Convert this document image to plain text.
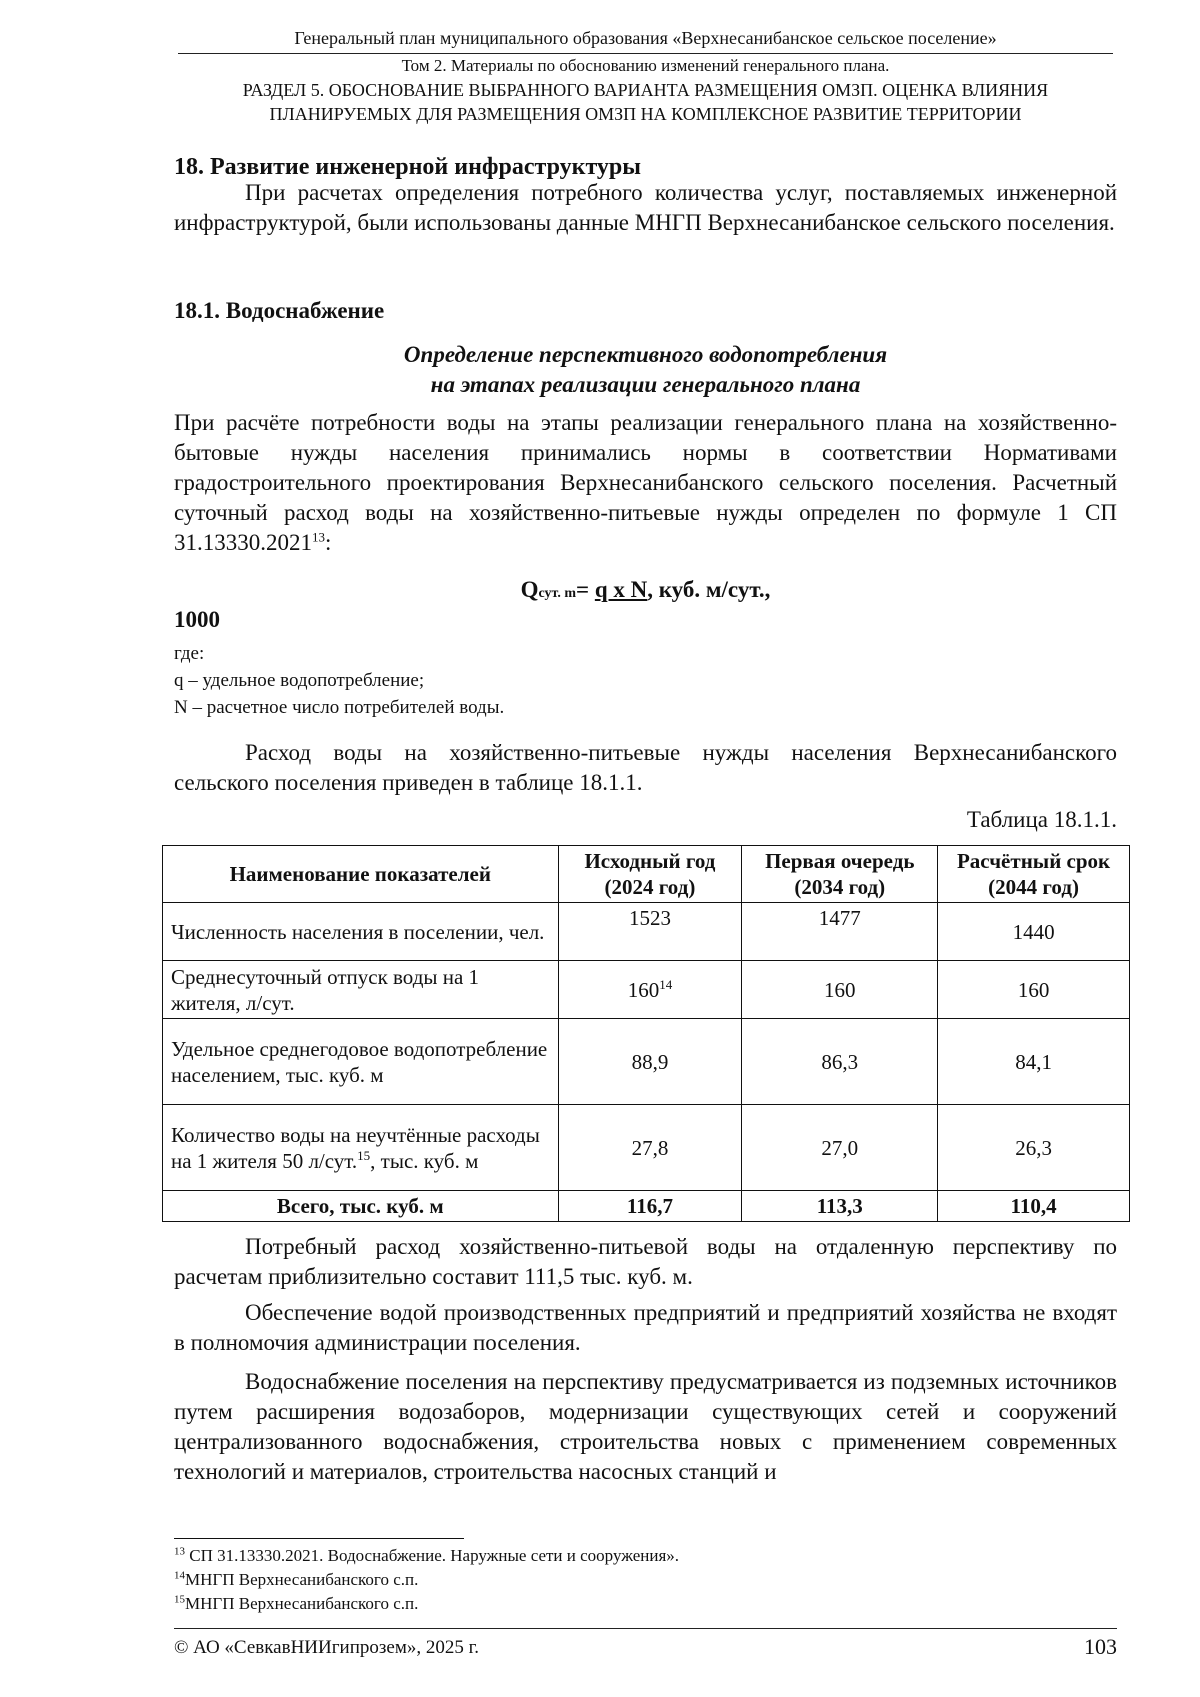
Генеральный план муниципального образования «Верхнесанибанское сельское поселение»
Том 2. Материалы по обоснованию изменений генерального плана.
РАЗДЕЛ 5. ОБОСНОВАНИЕ ВЫБРАННОГО ВАРИАНТА РАЗМЕЩЕНИЯ ОМЗП. ОЦЕНКА ВЛИЯНИЯ ПЛАНИРУЕМЫХ ДЛЯ РАЗМЕЩЕНИЯ ОМЗП НА КОМПЛЕКСНОЕ РАЗВИТИЕ ТЕРРИТОРИИ
18. Развитие инженерной инфраструктуры
При расчетах определения потребного количества услуг, поставляемых инженерной инфраструктурой, были использованы данные МНГП Верхнесанибанское сельского поселения.
18.1. Водоснабжение
Определение перспективного водопотребления
на этапах реализации генерального плана
При расчёте потребности воды на этапы реализации генерального плана на хозяйственно-бытовые нужды населения принимались нормы в соответствии Нормативами градостроительного проектирования Верхнесанибанского сельского поселения. Расчетный суточный расход воды на хозяйственно-питьевые нужды определен по формуле 1 СП 31.13330.2021$^{13}$:
Qсут. m= q x N, куб. м/сут.,
1000
где:
q – удельное водопотребление;
N – расчетное число потребителей воды.
Расход воды на хозяйственно-питьевые нужды населения Верхнесанибанского сельского поселения приведен в таблице 18.1.1.
Таблица 18.1.1.
Наименование показателей	Исходный год (2024 год)	Первая очередь (2034 год)	Расчётный срок (2044 год)
Численность населения в поселении, чел.	1523	1477	1440
Среднесуточный отпуск воды на 1 жителя, л/сут.	$160^{14}$	160	160
Удельное среднегодовое водопотребление населением, тыс. куб. м	88,9	86,3	84,1
Количество воды на неучтённые расходы на 1 жителя 50 л/сут.$^{15}$, тыс. куб. м	27,8	27,0	26,3
Всего, тыс. куб. м	116,7	113,3	110,4
Потребный расход хозяйственно-питьевой воды на отдаленную перспективу по расчетам приблизительно составит 111,5 тыс. куб. м.
Обеспечение водой производственных предприятий и предприятий хозяйства не входят в полномочия администрации поселения.
Водоснабжение поселения на перспективу предусматривается из подземных источников путем расширения водозаборов, модернизации существующих сетей и сооружений централизованного водоснабжения, строительства новых с применением современных технологий и материалов, строительства насосных станций и
$^{13}$ СП 31.13330.2021. Водоснабжение. Наружные сети и сооружения».
$^{14}$МНГП Верхнесанибанского с.п.
$^{15}$МНГП Верхнесанибанского с.п.
© АО «СевкавНИИгипрозем», 2025 г.	103
